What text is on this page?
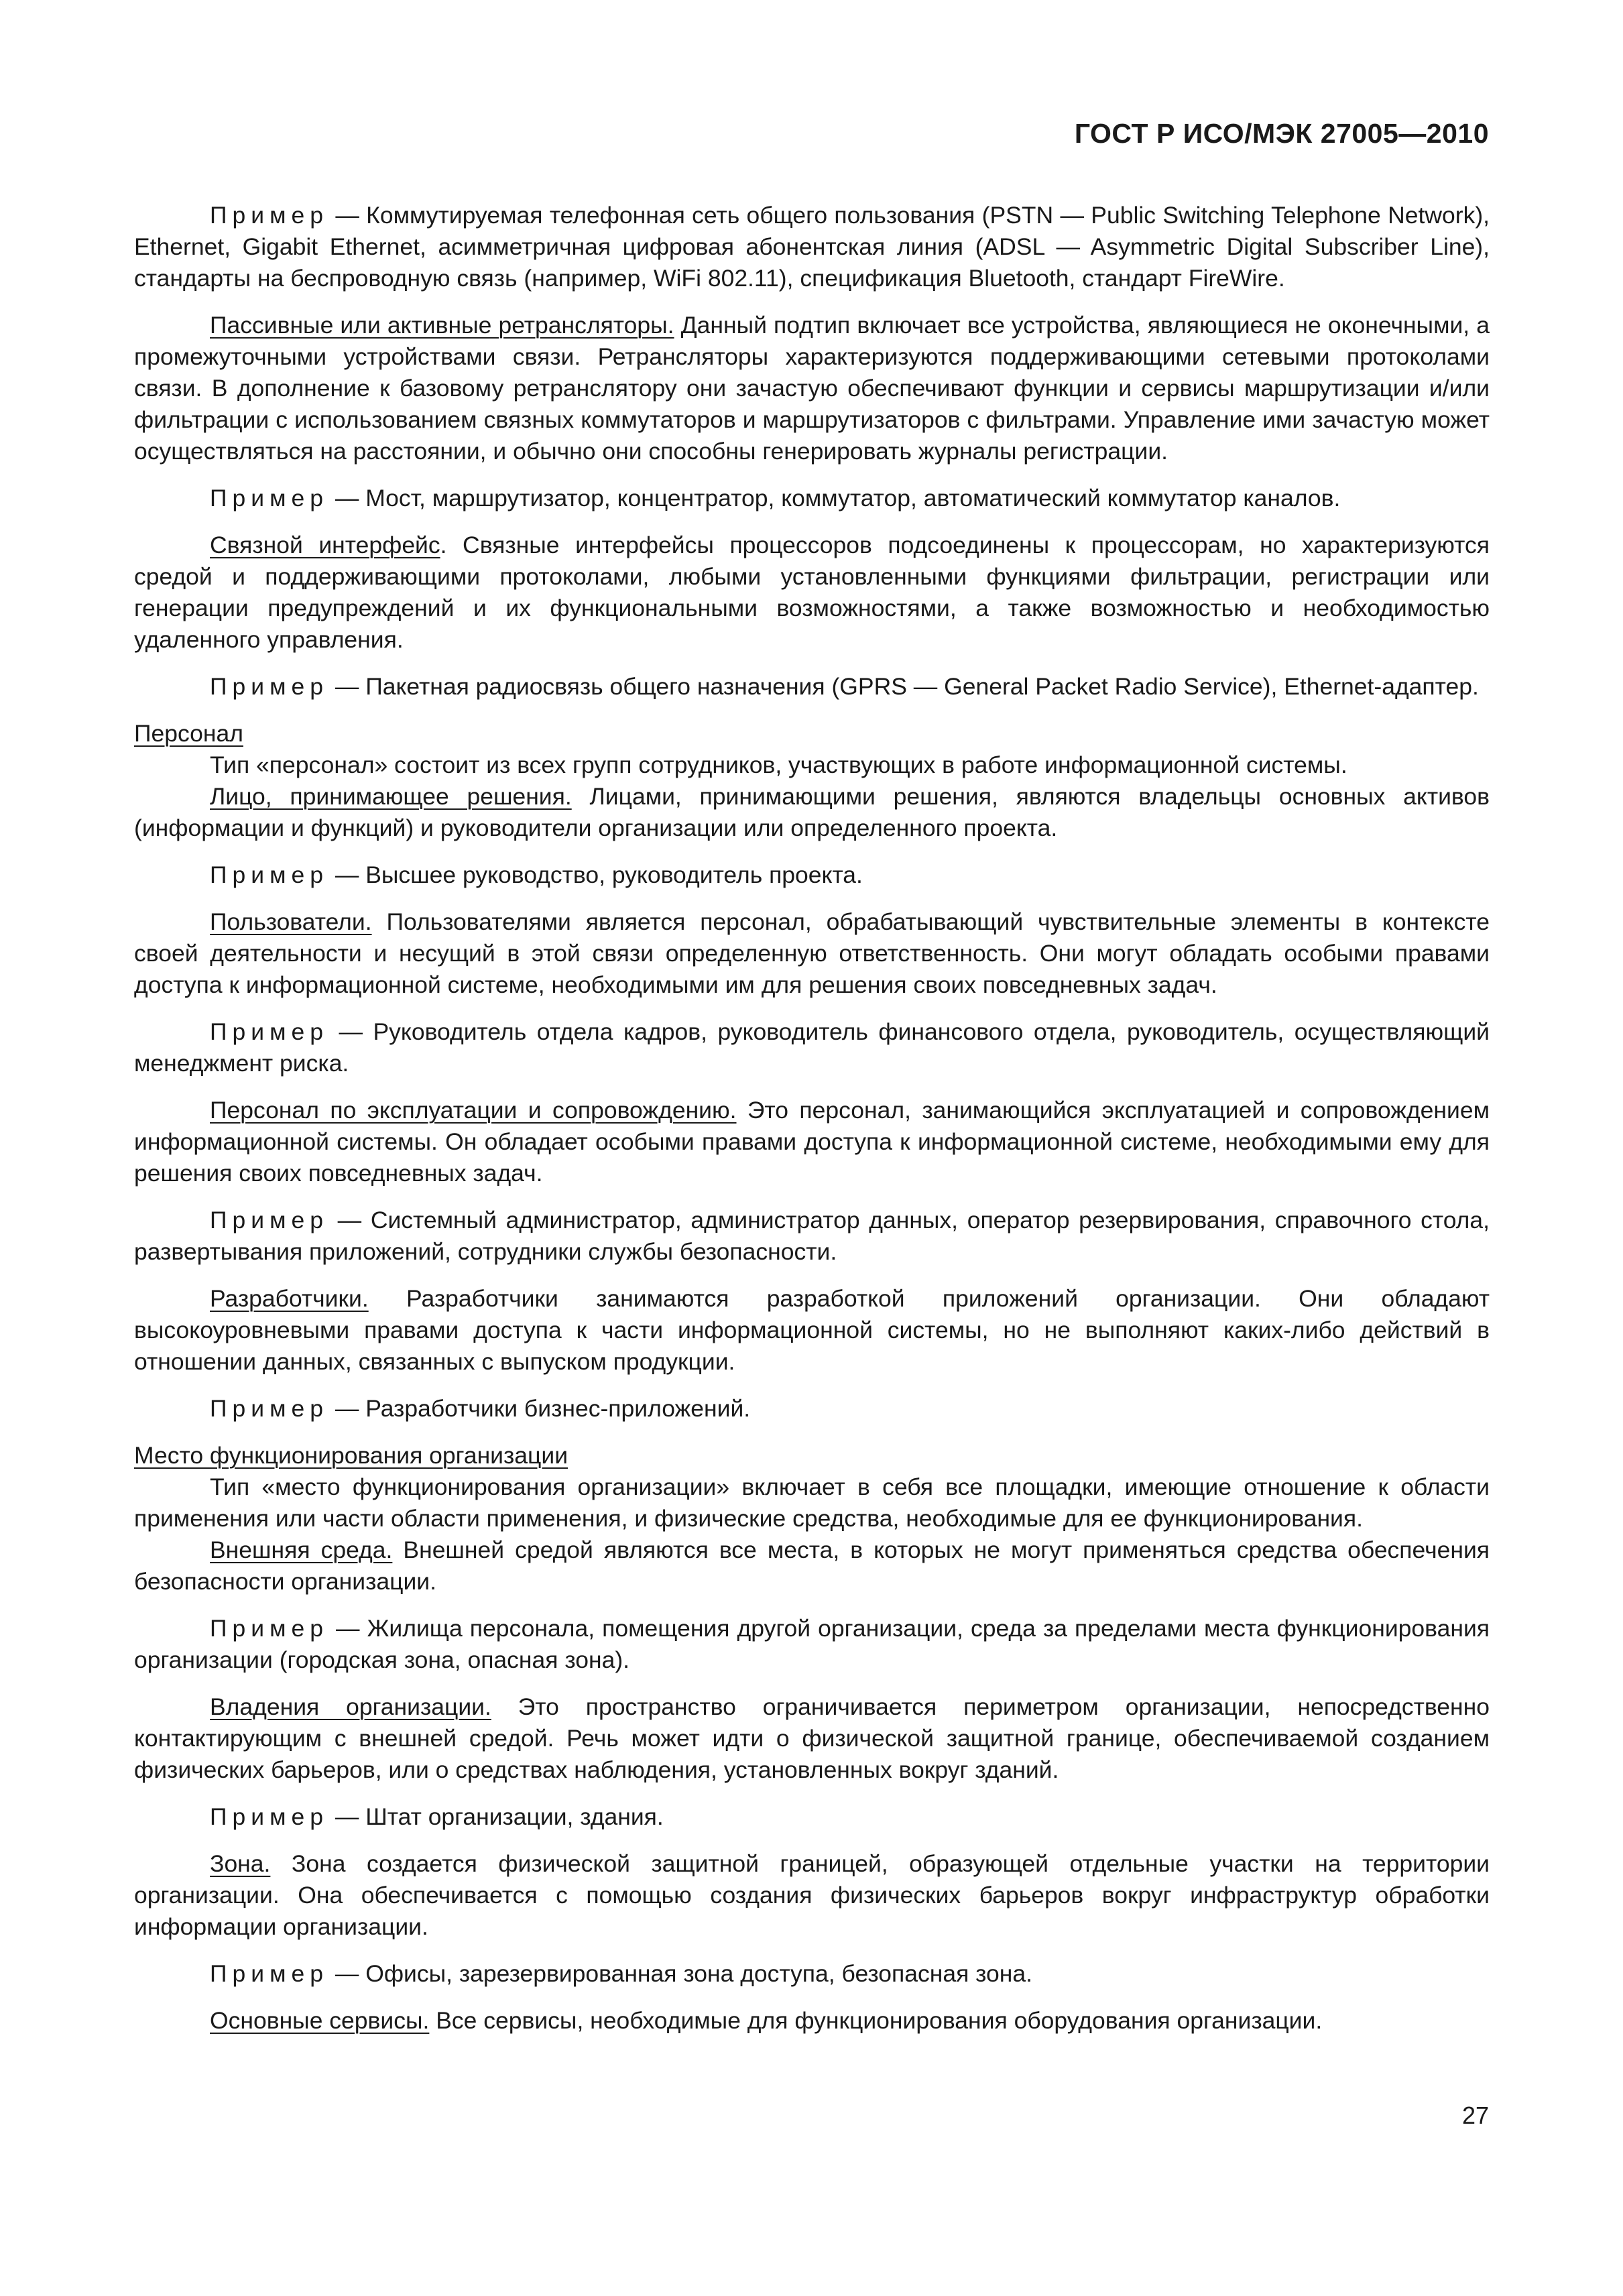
ГОСТ Р ИСО/МЭК 27005—2010

Пример — Коммутируемая телефонная сеть общего пользования (PSTN — Public Switching Telephone Network), Ethernet, Gigabit Ethernet, асимметричная цифровая абонентская линия (ADSL — Asymmetric Digital Subscriber Line), стандарты на беспроводную связь (например, WiFi 802.11), спецификация Bluetooth, стандарт FireWire.

Пассивные или активные ретрансляторы. Данный подтип включает все устройства, являющиеся не оконечными, а промежуточными устройствами связи. Ретрансляторы характеризуются поддерживающими сетевыми протоколами связи. В дополнение к базовому ретранслятору они зачастую обеспечивают функции и сервисы маршрутизации и/или фильтрации с использованием связных коммутаторов и маршрутизаторов с фильтрами. Управление ими зачастую может осуществляться на расстоянии, и обычно они способны генерировать журналы регистрации.

Пример — Мост, маршрутизатор, концентратор, коммутатор, автоматический коммутатор каналов.

Связной интерфейс. Связные интерфейсы процессоров подсоединены к процессорам, но характеризуются средой и поддерживающими протоколами, любыми установленными функциями фильтрации, регистрации или генерации предупреждений и их функциональными возможностями, а также возможностью и необходимостью удаленного управления.

Пример — Пакетная радиосвязь общего назначения (GPRS — General Packet Radio Service), Ethernet-адаптер.

Персонал

Тип «персонал» состоит из всех групп сотрудников, участвующих в работе информационной системы.

Лицо, принимающее решения. Лицами, принимающими решения, являются владельцы основных активов (информации и функций) и руководители организации или определенного проекта.

Пример — Высшее руководство, руководитель проекта.

Пользователи. Пользователями является персонал, обрабатывающий чувствительные элементы в контексте своей деятельности и несущий в этой связи определенную ответственность. Они могут обладать особыми правами доступа к информационной системе, необходимыми им для решения своих повседневных задач.

Пример — Руководитель отдела кадров, руководитель финансового отдела, руководитель, осуществляющий менеджмент риска.

Персонал по эксплуатации и сопровождению. Это персонал, занимающийся эксплуатацией и сопровождением информационной системы. Он обладает особыми правами доступа к информационной системе, необходимыми ему для решения своих повседневных задач.

Пример — Системный администратор, администратор данных, оператор резервирования, справочного стола, развертывания приложений, сотрудники службы безопасности.

Разработчики. Разработчики занимаются разработкой приложений организации. Они обладают высокоуровневыми правами доступа к части информационной системы, но не выполняют каких-либо действий в отношении данных, связанных с выпуском продукции.

Пример — Разработчики бизнес-приложений.

Место функционирования организации

Тип «место функционирования организации» включает в себя все площадки, имеющие отношение к области применения или части области применения, и физические средства, необходимые для ее функционирования.

Внешняя среда. Внешней средой являются все места, в которых не могут применяться средства обеспечения безопасности организации.

Пример — Жилища персонала, помещения другой организации, среда за пределами места функционирования организации (городская зона, опасная зона).

Владения организации. Это пространство ограничивается периметром организации, непосредственно контактирующим с внешней средой. Речь может идти о физической защитной границе, обеспечиваемой созданием физических барьеров, или о средствах наблюдения, установленных вокруг зданий.

Пример — Штат организации, здания.

Зона. Зона создается физической защитной границей, образующей отдельные участки на территории организации. Она обеспечивается с помощью создания физических барьеров вокруг инфраструктур обработки информации организации.

Пример — Офисы, зарезервированная зона доступа, безопасная зона.

Основные сервисы. Все сервисы, необходимые для функционирования оборудования организации.

27
